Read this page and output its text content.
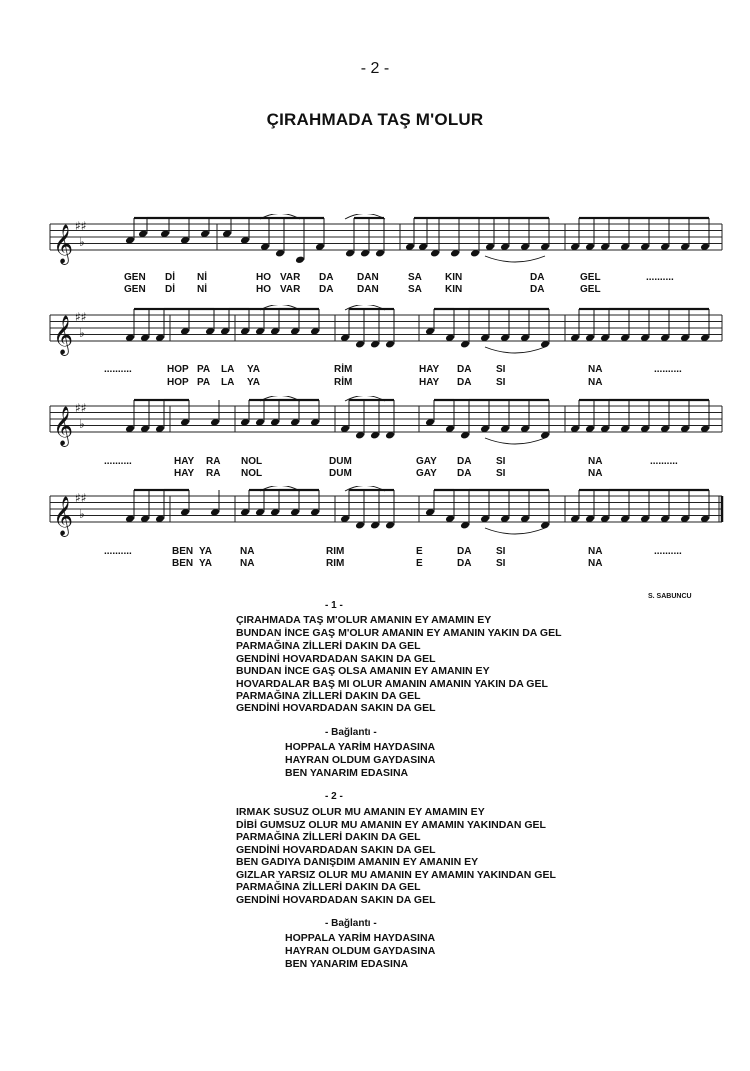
- 2 -
ÇIRAHMADA TAŞ M'OLUR
𝄞 ♯♯
♭
𝄞 ♯♯
♭
𝄞 ♯♯
♭
𝄞 ♯♯
♭
GEN Dİ Nİ	HO VAR DA DAN	SA KIN	DA	GEL	..........
GEN Dİ Nİ	HO VAR DA DAN	SA KIN	DA	GEL
..........	HOP PA LA YA	RİM	HAY DA SI	NA	..........
HOP PA LA YA	RİM	HAY DA SI	NA
..........	HAY RA NOL	DUM	GAY DA SI	NA	..........
HAY RA NOL	DUM	GAY DA SI	NA
..........	BEN YA	NA	RIM	E	DA SI	NA	..........
BEN YA	NA	RIM	E	DA SI	NA
S. SABUNCU
- 1 -
ÇIRAHMADA TAŞ M'OLUR AMANIN EY AMAMIN EY
BUNDAN İNCE GAŞ M'OLUR AMANIN EY AMANIN YAKIN DA GEL
PARMAĞINA ZİLLERİ DAKIN DA GEL
GENDİNİ HOVARDADAN SAKIN DA GEL
BUNDAN İNCE GAŞ OLSA AMANIN EY AMANIN EY
HOVARDALAR BAŞ MI OLUR AMANIN AMANIN YAKIN DA GEL
PARMAĞINA ZİLLERİ DAKIN DA GEL
GENDİNİ HOVARDADAN SAKIN DA GEL
- Bağlantı -
HOPPALA YARİM HAYDASINA
HAYRAN OLDUM GAYDASINA
BEN YANARIM EDASINA
- 2 -
IRMAK SUSUZ OLUR MU AMANIN EY AMAMIN EY
DİBİ GUMSUZ OLUR MU AMANIN EY AMAMIN YAKINDAN GEL
PARMAĞINA ZİLLERİ DAKIN DA GEL
GENDİNİ HOVARDADAN SAKIN DA GEL
BEN GADIYA DANIŞDIM AMANIN EY AMANIN EY
GIZLAR YARSIZ OLUR MU AMANIN EY AMAMIN YAKINDAN GEL
PARMAĞINA ZİLLERİ DAKIN DA GEL
GENDİNİ HOVARDADAN SAKIN DA GEL
- Bağlantı -
HOPPALA YARİM HAYDASINA
HAYRAN OLDUM GAYDASINA
BEN YANARIM EDASINA
